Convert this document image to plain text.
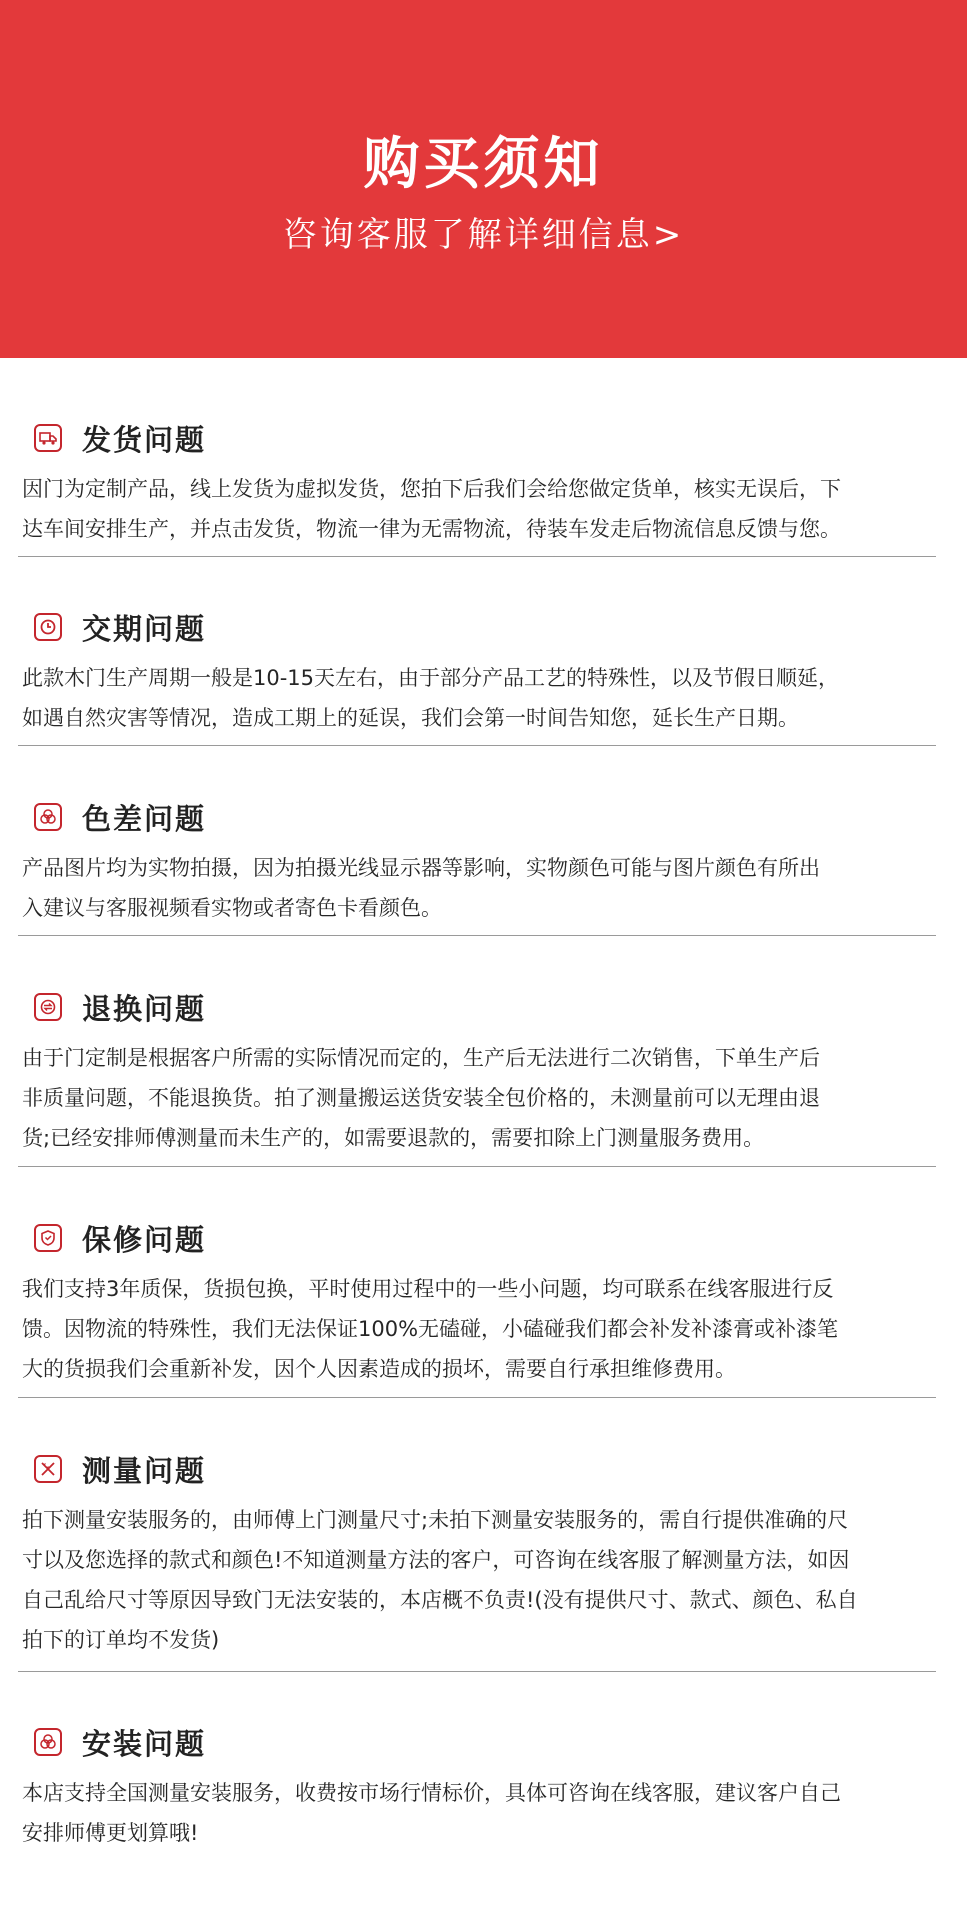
购买须知
咨询客服了解详细信息>
发货问题
因门为定制产品，线上发货为虚拟发货，您拍下后我们会给您做定货单，核实无误后，下
达车间安排生产，并点击发货，物流一律为无需物流，待装车发走后物流信息反馈与您。
交期问题
此款木门生产周期一般是10-15天左右，由于部分产品工艺的特殊性，以及节假日顺延，
如遇自然灾害等情况，造成工期上的延误，我们会第一时间告知您，延长生产日期。
色差问题
产品图片均为实物拍摄，因为拍摄光线显示器等影响，实物颜色可能与图片颜色有所出
入建议与客服视频看实物或者寄色卡看颜色。
退换问题
由于门定制是根据客户所需的实际情况而定的，生产后无法进行二次销售，下单生产后
非质量问题，不能退换货。拍了测量搬运送货安装全包价格的，未测量前可以无理由退
货;已经安排师傅测量而未生产的，如需要退款的，需要扣除上门测量服务费用。
保修问题
我们支持3年质保，货损包换，平时使用过程中的一些小问题，均可联系在线客服进行反
馈。因物流的特殊性，我们无法保证100%无磕碰，小磕碰我们都会补发补漆膏或补漆笔
大的货损我们会重新补发，因个人因素造成的损坏，需要自行承担维修费用。
测量问题
拍下测量安装服务的，由师傅上门测量尺寸;未拍下测量安装服务的，需自行提供准确的尺
寸以及您选择的款式和颜色!不知道测量方法的客户，可咨询在线客服了解测量方法，如因
自己乱给尺寸等原因导致门无法安装的，本店概不负责!(没有提供尺寸、款式、颜色、私自
拍下的订单均不发货)
安装问题
本店支持全国测量安装服务，收费按市场行情标价，具体可咨询在线客服，建议客户自己
安排师傅更划算哦!
